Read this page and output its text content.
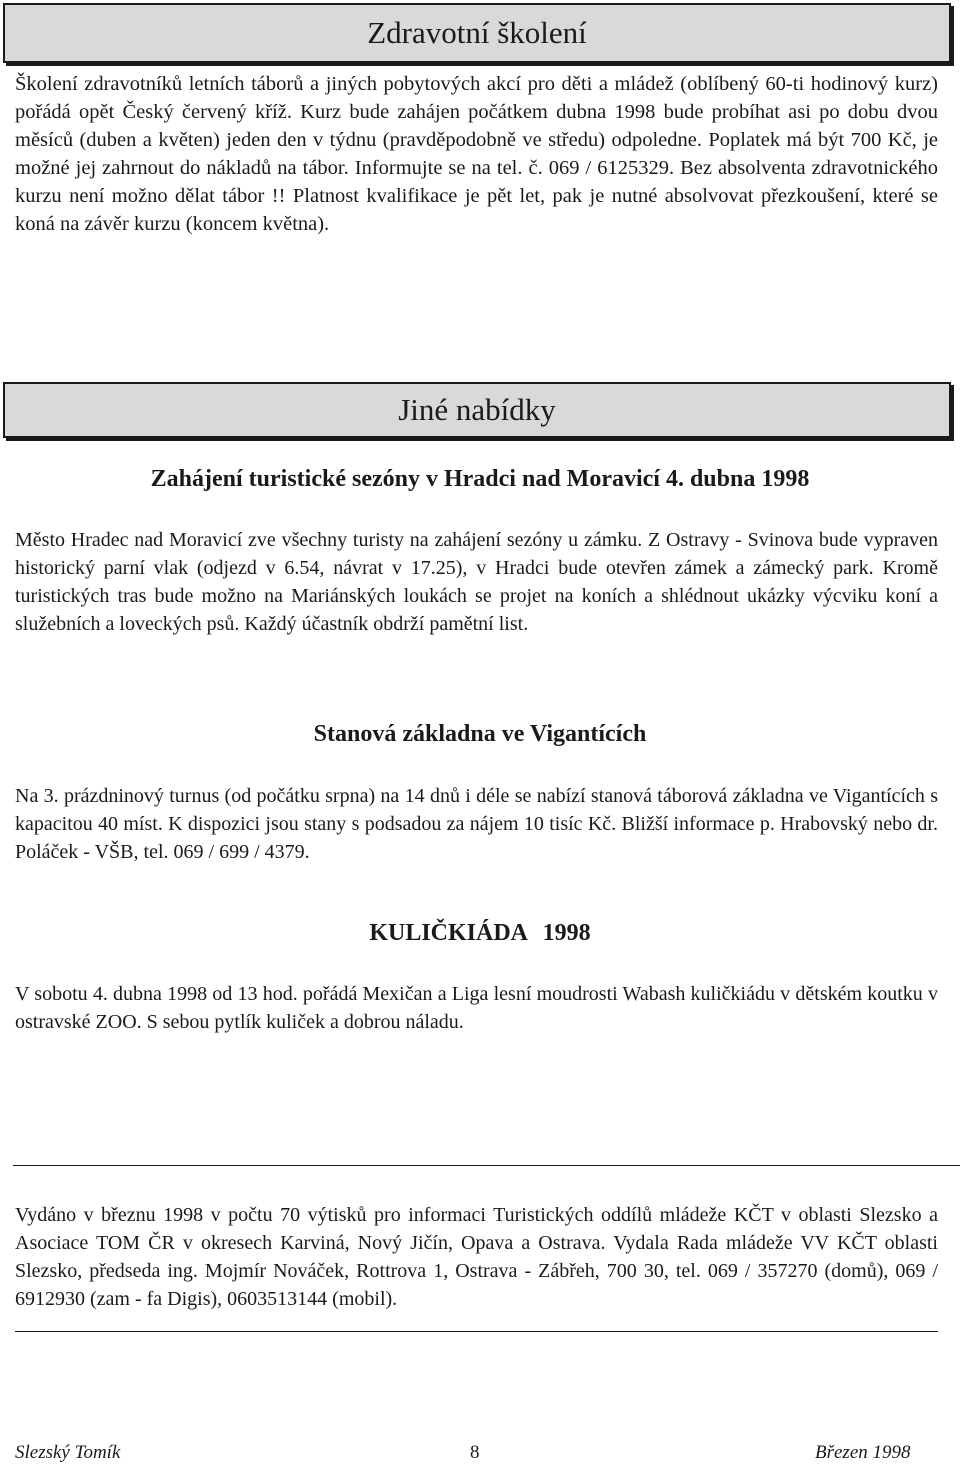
Zdravotní školení

Školení zdravotníků letních táborů a jiných pobytových akcí pro děti a mládež (oblíbený 60-ti hodinový kurz) pořádá opět Český červený kříž. Kurz bude zahájen počátkem dubna 1998 bude probíhat asi po dobu dvou měsíců (duben a květen) jeden den v týdnu (pravděpodobně ve středu) odpoledne. Poplatek má být 700 Kč, je možné jej zahrnout do nákladů na tábor. Informujte se na tel. č. 069 / 6125329. Bez absolventa zdravotnického kurzu není možno dělat tábor !! Platnost kvalifikace je pět let, pak je nutné absolvovat přezkoušení, které se koná na závěr kurzu (koncem května).

Jiné nabídky
Zahájení turistické sezóny v Hradci nad Moravicí 4. dubna 1998

Město Hradec nad Moravicí zve všechny turisty na zahájení sezóny u zámku. Z Ostravy - Svinova bude vypraven historický parní vlak (odjezd v 6.54, návrat v 17.25), v Hradci bude otevřen zámek a zámecký park. Kromě turistických tras bude možno na Mariánských loukách se projet na koních a shlédnout ukázky výcviku koní a služebních a loveckých psů. Každý účastník obdrží pamětní list.

Stanová základna ve Vigantících

Na 3. prázdninový turnus (od počátku srpna) na 14 dnů i déle se nabízí stanová táborová základna ve Vigantících s kapacitou 40 míst. K dispozici jsou stany s podsadou za nájem 10 tisíc Kč. Bližší informace p. Hrabovský nebo dr. Poláček - VŠB, tel. 069 / 699 / 4379.

KULIČKIÁDA 1998

V sobotu 4. dubna 1998 od 13 hod. pořádá Mexičan a Liga lesní moudrosti Wabash kuličkiádu v dětském koutku v ostravské ZOO. S sebou pytlík kuliček a dobrou náladu.

Vydáno v březnu 1998 v počtu 70 výtisků pro informaci Turistických oddílů mládeže KČT v oblasti Slezsko a Asociace TOM ČR v okresech Karviná, Nový Jičín, Opava a Ostrava. Vydala Rada mládeže VV KČT oblasti Slezsko, předseda ing. Mojmír Nováček, Rottrova 1, Ostrava - Zábřeh, 700 30, tel. 069 / 357270 (domů), 069 / 6912930 (zam - fa Digis), 0603513144 (mobil).

Slezský Tomík	8	Březen 1998
